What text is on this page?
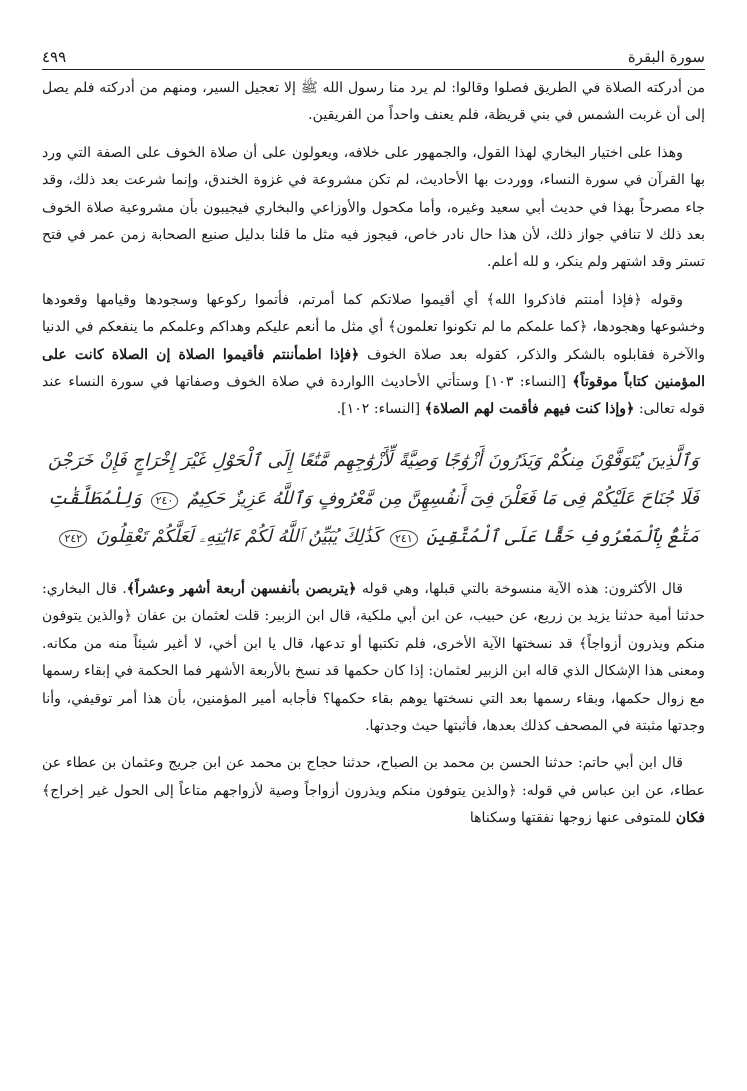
سورة البقرة
٤٩٩

من أدركته الصلاة في الطريق فصلوا وقالوا: لم يرد منا رسول الله ﷺ إلا تعجيل السير، ومنهم من أدركته فلم يصل إلى أن غربت الشمس في بني قريظة، فلم يعنف واحداً من الفريقين.

وهذا على اختيار البخاري لهذا القول، والجمهور على خلافه، ويعولون على أن صلاة الخوف على الصفة التي ورد بها القرآن في سورة النساء، ووردت بها الأحاديث، لم تكن مشروعة في غزوة الخندق، وإنما شرعت بعد ذلك، وقد جاء مصرحاً بهذا في حديث أبي سعيد وغيره، وأما مكحول والأوزاعي والبخاري فيجيبون بأن مشروعية صلاة الخوف بعد ذلك لا تنافي جواز ذلك، لأن هذا حال نادر خاص، فيجوز فيه مثل ما قلنا بدليل صنيع الصحابة زمن عمر في فتح تستر وقد اشتهر ولم ينكر، و لله أعلم.

وقوله ﴿فإذا أمنتم فاذكروا الله﴾ أي أقيموا صلاتكم كما أمرتم، فأتموا ركوعها وسجودها وقيامها وقعودها وخشوعها وهجودها، ﴿كما علمكم ما لم تكونوا تعلمون﴾ أي مثل ما أنعم عليكم وهداكم وعلمكم ما ينفعكم في الدنيا والآخرة فقابلوه بالشكر والذكر، كقوله بعد صلاة الخوف ﴿فإذا اطمأننتم فأقيموا الصلاة إن الصلاة كانت على المؤمنين كتاباً موقوتاً﴾ [النساء: ١٠٣] وستأتي الأحاديث االواردة في صلاة الخوف وصفاتها في سورة النساء عند قوله تعالى: ﴿وإذا كنت فيهم فأقمت لهم الصلاة﴾ [النساء: ١٠٢].

وَٱلَّذِينَ يُتَوَفَّوْنَ مِنكُمْ وَيَذَرُونَ أَزْوَٰجًا وَصِيَّةً لِّأَزْوَٰجِهِم مَّتَٰعًا إِلَى ٱلْحَوْلِ غَيْرَ إِخْرَاجٍ فَإِنْ خَرَجْنَ فَلَا جُنَاحَ عَلَيْكُمْ فِى مَا فَعَلْنَ فِىٓ أَنفُسِهِنَّ مِن مَّعْرُوفٍ وَٱللَّهُ عَزِيزٌ حَكِيمٌ ٢٤٠ وَلِلْمُطَلَّقَٰتِ مَتَٰعٌۢ بِٱلْمَعْرُوفِ حَقًّا عَلَى ٱلْمُتَّقِينَ ٢٤١ كَذَٰلِكَ يُبَيِّنُ ٱللَّهُ لَكُمْ ءَايَٰتِهِۦ لَعَلَّكُمْ تَعْقِلُونَ ٢٤٢

قال الأكثرون: هذه الآية منسوخة بالتي قبلها، وهي قوله ﴿يتربصن بأنفسهن أربعة أشهر وعشراً﴾. قال البخاري: حدثنا أمية حدثنا يزيد بن زريع، عن حبيب، عن ابن أبي ملكية، قال ابن الزبير: قلت لعثمان بن عفان ﴿والذين يتوفون منكم ويذرون أزواجاً﴾ قد نسختها الآية الأخرى، فلم تكتبها أو تدعها، قال يا ابن أخي، لا أغير شيئاً منه من مكانه. ومعنى هذا الإشكال الذي قاله ابن الزبير لعثمان: إذا كان حكمها قد نسخ بالأربعة الأشهر فما الحكمة في إبقاء رسمها مع زوال حكمها، وبقاء رسمها بعد التي نسختها يوهم بقاء حكمها؟ فأجابه أمير المؤمنين، بأن هذا أمر توقيفي، وأنا وجدتها مثبتة في المصحف كذلك بعدها، فأثبتها حيث وجدتها.

قال ابن أبي حاتم: حدثنا الحسن بن محمد بن الصباح، حدثنا حجاج بن محمد عن ابن جريج وعثمان بن عطاء عن عطاء، عن ابن عباس في قوله: ﴿والذين يتوفون منكم ويذرون أزواجاً وصية لأزواجهم متاعاً إلى الحول غير إخراج﴾ فكان للمتوفى عنها زوجها نفقتها وسكناها
